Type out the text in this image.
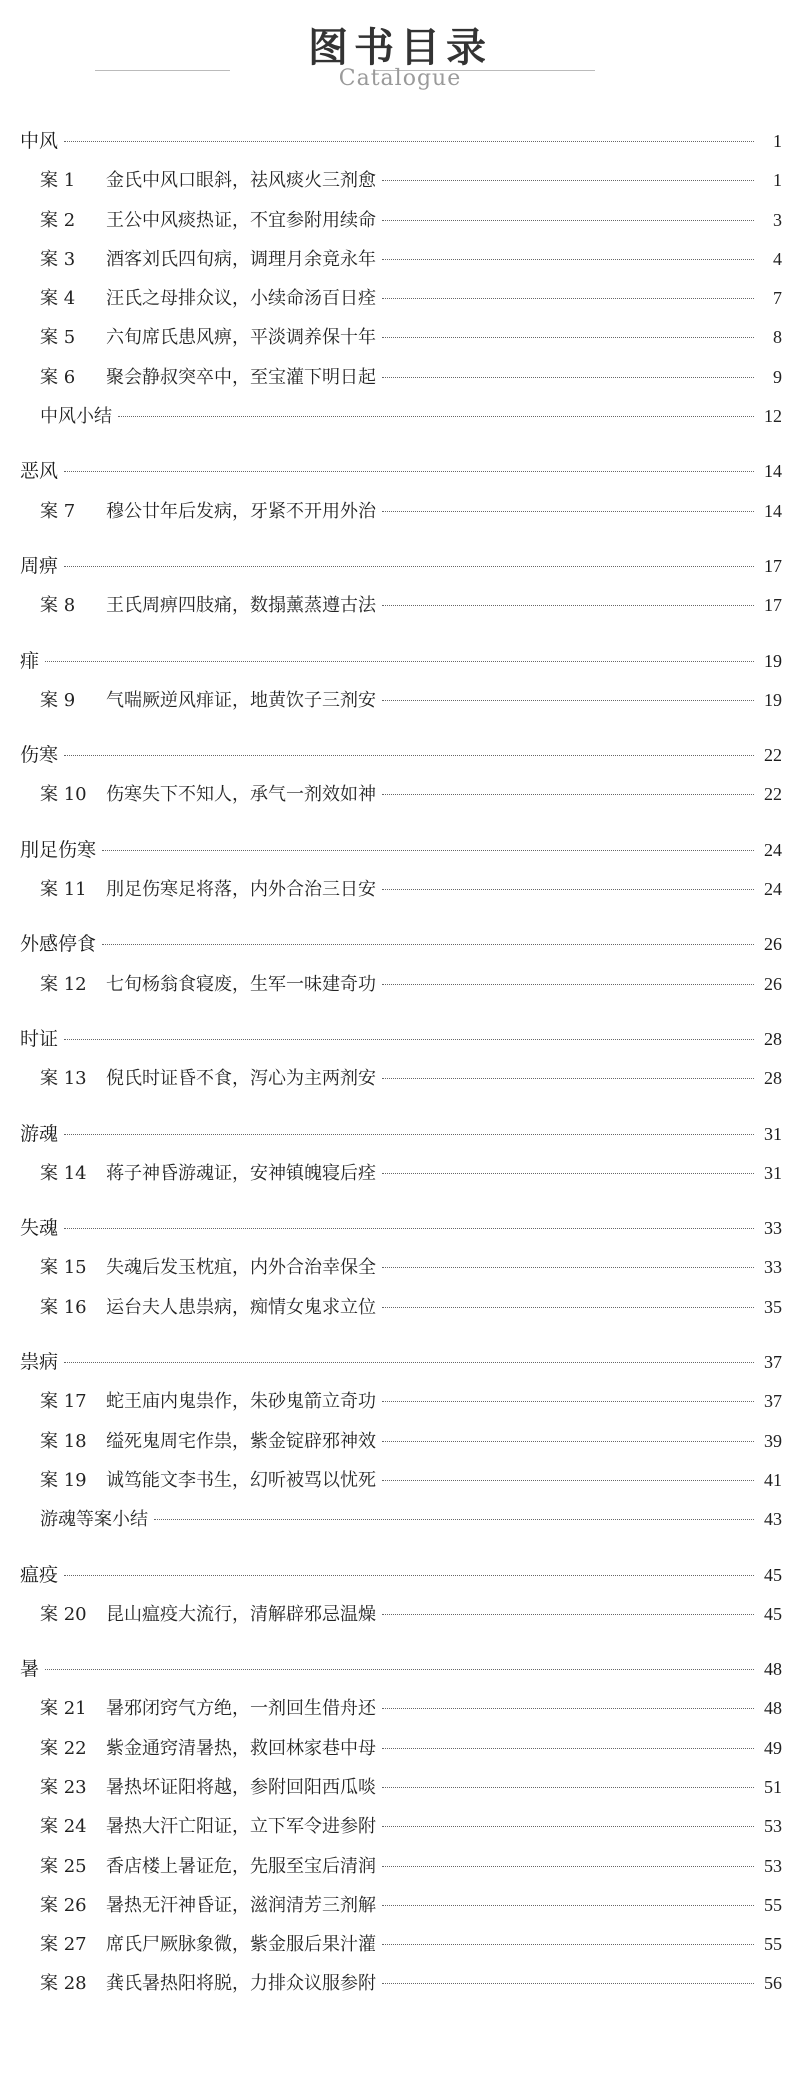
图书目录
Catalogue
中风	1
案 1	金氏中风口眼斜，祛风痰火三剂愈	1
案 2	王公中风痰热证，不宜参附用续命	3
案 3	酒客刘氏四旬病，调理月余竟永年	4
案 4	汪氏之母排众议，小续命汤百日痊	7
案 5	六旬席氏患风痹，平淡调养保十年	8
案 6	聚会静叔突卒中，至宝灌下明日起	9
中风小结	12
恶风	14
案 7	穆公廿年后发病，牙紧不开用外治	14
周痹	17
案 8	王氏周痹四肢痛，数搨薰蒸遵古法	17
痱	19
案 9	气喘厥逆风痱证，地黄饮子三剂安	19
伤寒	22
案 10	伤寒失下不知人，承气一剂效如神	22
刖足伤寒	24
案 11	刖足伤寒足将落，内外合治三日安	24
外感停食	26
案 12	七旬杨翁食寝废，生军一味建奇功	26
时证	28
案 13	倪氏时证昏不食，泻心为主两剂安	28
游魂	31
案 14	蒋子神昏游魂证，安神镇魄寝后痊	31
失魂	33
案 15	失魂后发玉枕疽，内外合治幸保全	33
案 16	运台夫人患祟病，痴情女鬼求立位	35
祟病	37
案 17	蛇王庙内鬼祟作，朱砂鬼箭立奇功	37
案 18	缢死鬼周宅作祟，紫金锭辟邪神效	39
案 19	诚笃能文李书生，幻听被骂以忧死	41
游魂等案小结	43
瘟疫	45
案 20	昆山瘟疫大流行，清解辟邪忌温燥	45
暑	48
案 21	暑邪闭窍气方绝，一剂回生借舟还	48
案 22	紫金通窍清暑热，救回林家巷中母	49
案 23	暑热坏证阳将越，参附回阳西瓜啖	51
案 24	暑热大汗亡阳证，立下军令进参附	53
案 25	香店楼上暑证危，先服至宝后清润	53
案 26	暑热无汗神昏证，滋润清芳三剂解	55
案 27	席氏尸厥脉象微，紫金服后果汁灌	55
案 28	龚氏暑热阳将脱，力排众议服参附	56
